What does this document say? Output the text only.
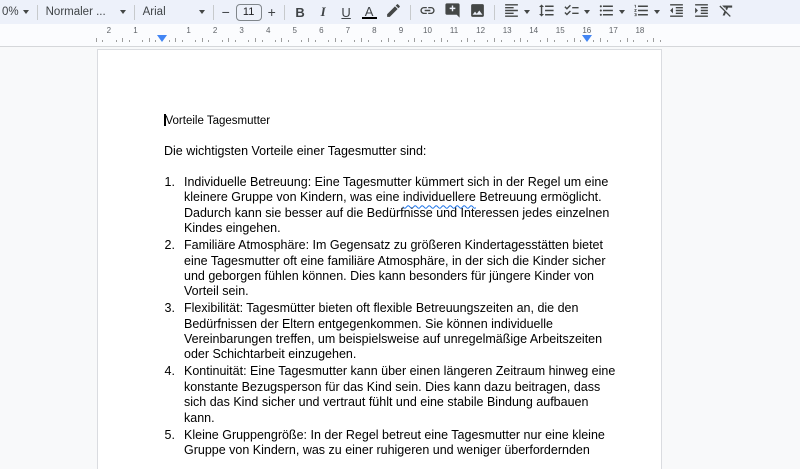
0% Normaler ...	Arial	−	11 + B	I	U A
2	1	1	2	3	4	5	6	7	8	9 10 11 12 13 14 15 16 17 18
Vorteile Tagesmutter
Die wichtigsten Vorteile einer Tagesmutter sind:
1. Individuelle Betreuung: Eine Tagesmutter kümmert sich in der Regel um eine
kleinere Gruppe von Kindern, was eine individuellere Betreuung ermöglicht.
Dadurch kann sie besser auf die Bedürfnisse und Interessen jedes einzelnen
Kindes eingehen.
2. Familiäre Atmosphäre: Im Gegensatz zu größeren Kindertagesstätten bietet
eine Tagesmutter oft eine familiäre Atmosphäre, in der sich die Kinder sicher
und geborgen fühlen können. Dies kann besonders für jüngere Kinder von
Vorteil sein.
3. Flexibilität: Tagesmütter bieten oft flexible Betreuungszeiten an, die den
Bedürfnissen der Eltern entgegenkommen. Sie können individuelle
Vereinbarungen treffen, um beispielsweise auf unregelmäßige Arbeitszeiten
oder Schichtarbeit einzugehen.
4. Kontinuität: Eine Tagesmutter kann über einen längeren Zeitraum hinweg eine
konstante Bezugsperson für das Kind sein. Dies kann dazu beitragen, dass
sich das Kind sicher und vertraut fühlt und eine stabile Bindung aufbauen
kann.
5. Kleine Gruppengröße: In der Regel betreut eine Tagesmutter nur eine kleine
Gruppe von Kindern, was zu einer ruhigeren und weniger überfordernden
